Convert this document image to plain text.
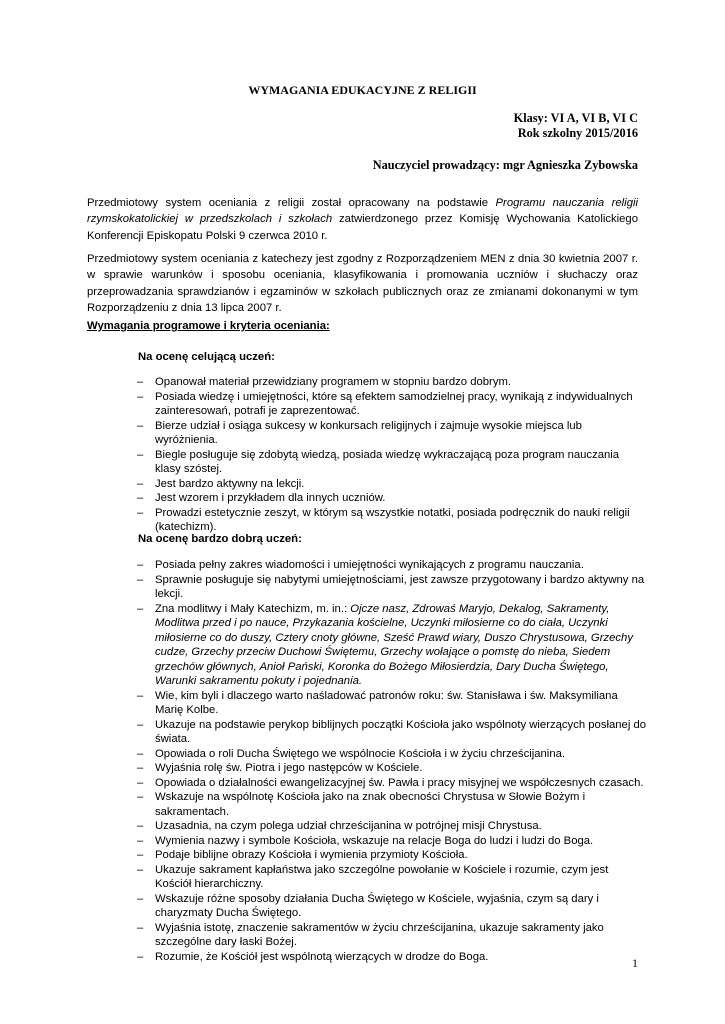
WYMAGANIA EDUKACYJNE Z RELIGII
Klasy: VI A, VI B, VI C
Rok szkolny 2015/2016
Nauczyciel prowadzący: mgr Agnieszka Zybowska
Przedmiotowy system oceniania z religii został opracowany na podstawie Programu nauczania religii rzymskokatolickiej w przedszkolach i szkołach zatwierdzonego przez Komisję Wychowania Katolickiego Konferencji Episkopatu Polski 9 czerwca 2010 r.
Przedmiotowy system oceniania z katechezy jest zgodny z Rozporządzeniem MEN z dnia 30 kwietnia 2007 r. w sprawie warunków i sposobu oceniania, klasyfikowania i promowania uczniów i słuchaczy oraz przeprowadzania sprawdzianów i egzaminów w szkołach publicznych oraz ze zmianami dokonanymi w tym Rozporządzeniu z dnia 13 lipca 2007 r.
Wymagania programowe i kryteria oceniania:
Na ocenę celującą uczeń:
– Opanował materiał przewidziany programem w stopniu bardzo dobrym.
– Posiada wiedzę i umiejętności, które są efektem samodzielnej pracy, wynikają z indywidualnych zainteresowań, potrafi je zaprezentować.
– Bierze udział i osiąga sukcesy w konkursach religijnych i zajmuje wysokie miejsca lub wyróżnienia.
– Biegle posługuje się zdobytą wiedzą, posiada wiedzę wykraczającą poza program nauczania klasy szóstej.
– Jest bardzo aktywny na lekcji.
– Jest wzorem i przykładem dla innych uczniów.
– Prowadzi estetycznie zeszyt, w którym są wszystkie notatki, posiada podręcznik do nauki religii (katechizm).
Na ocenę bardzo dobrą uczeń:
– Posiada pełny zakres wiadomości i umiejętności wynikających z programu nauczania.
– Sprawnie posługuje się nabytymi umiejętnościami, jest zawsze przygotowany i bardzo aktywny na lekcji.
– Zna modlitwy i Mały Katechizm, m. in.: Ojcze nasz, Zdrowaś Maryjo, Dekalog, Sakramenty, Modlitwa przed i po nauce, Przykazania kościelne, Uczynki miłosierne co do ciała, Uczynki miłosierne co do duszy, Cztery cnoty główne, Sześć Prawd wiary, Duszo Chrystusowa, Grzechy cudze, Grzechy przeciw Duchowi Świętemu, Grzechy wołające o pomstę do nieba, Siedem grzechów głównych, Anioł Pański, Koronka do Bożego Miłosierdzia, Dary Ducha Świętego, Warunki sakramentu pokuty i pojednania.
– Wie, kim byli i dlaczego warto naśladować patronów roku: św. Stanisława i św. Maksymiliana Marię Kolbe.
– Ukazuje na podstawie perykop biblijnych początki Kościoła jako wspólnoty wierzących posłanej do świata.
– Opowiada o roli Ducha Świętego we wspólnocie Kościoła i w życiu chrześcijanina.
– Wyjaśnia rolę św. Piotra i jego następców w Kościele.
– Opowiada o działalności ewangelizacyjnej św. Pawła i pracy misyjnej we współczesnych czasach.
– Wskazuje na wspólnotę Kościoła jako na znak obecności Chrystusa w Słowie Bożym i sakramentach.
– Uzasadnia, na czym polega udział chrześcijanina w potrójnej misji Chrystusa.
– Wymienia nazwy i symbole Kościoła, wskazuje na relacje Boga do ludzi i ludzi do Boga.
– Podaje biblijne obrazy Kościoła i wymienia przymioty Kościoła.
– Ukazuje sakrament kapłaństwa jako szczególne powołanie w Kościele i rozumie, czym jest Kościół hierarchiczny.
– Wskazuje różne sposoby działania Ducha Świętego w Kościele, wyjaśnia, czym są dary i charyzmaty Ducha Świętego.
– Wyjaśnia istotę, znaczenie sakramentów w życiu chrześcijanina, ukazuje sakramenty jako szczególne dary łaski Bożej.
– Rozumie, że Kościół jest wspólnotą wierzących w drodze do Boga.	1
